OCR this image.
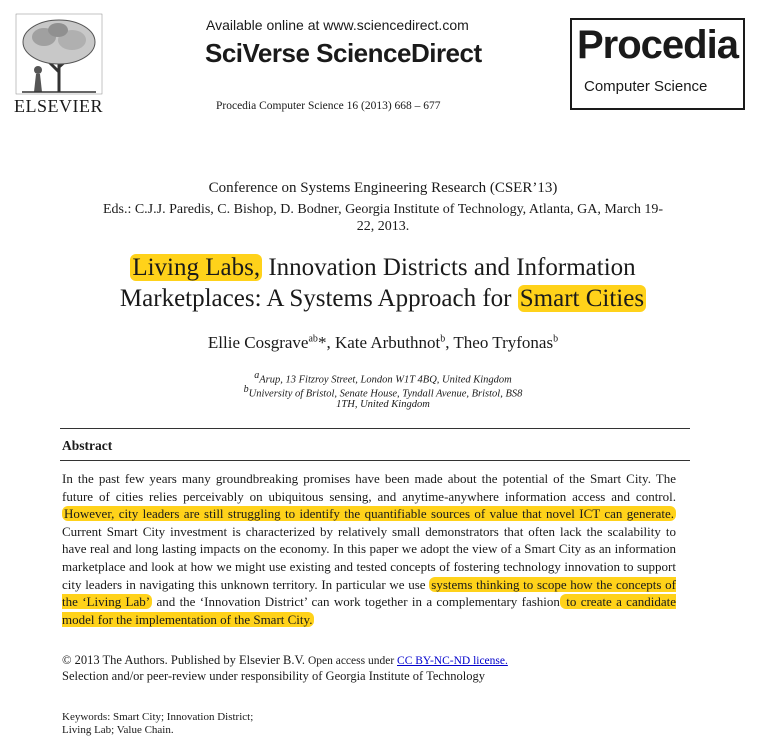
ELSEVIER
Available online at www.sciencedirect.com
SciVerse ScienceDirect
Procedia Computer Science 16 (2013) 668 – 677
Procedia
Computer Science
Conference on Systems Engineering Research (CSER’13)
Eds.: C.J.J. Paredis, C. Bishop, D. Bodner, Georgia Institute of Technology, Atlanta, GA, March 19-
22, 2013.
Living Labs, Innovation Districts and Information
Marketplaces: A Systems Approach for Smart Cities
Ellie Cosgrave$^{ab}$*, Kate Arbuthnot$^b$, Theo Tryfonas$^b$
$^a$Arup, 13 Fitzroy Street, London W1T 4BQ, United Kingdom
$^b$University of Bristol, Senate House, Tyndall Avenue, Bristol, BS8
1TH, United Kingdom
Abstract
In the past few years many groundbreaking promises have been made about the potential of the Smart City. The future of cities relies perceivably on ubiquitous sensing, and anytime-anywhere information access and control. However, city leaders are still struggling to identify the quantifiable sources of value that novel ICT can generate. Current Smart City investment is characterized by relatively small demonstrators that often lack the scalability to have real and long lasting impacts on the economy. In this paper we adopt the view of a Smart City as an information marketplace and look at how we might use existing and tested concepts of fostering technology innovation to support city leaders in navigating this unknown territory. In particular we use systems thinking to scope how the concepts of the ‘Living Lab’ and the ‘Innovation District’ can work together in a complementary fashion to create a candidate model for the implementation of the Smart City.
© 2013 The Authors. Published by Elsevier B.V. Open access under CC BY-NC-ND license.
Selection and/or peer-review under responsibility of Georgia Institute of Technology
Keywords: Smart City; Innovation District;
Living Lab; Value Chain.
